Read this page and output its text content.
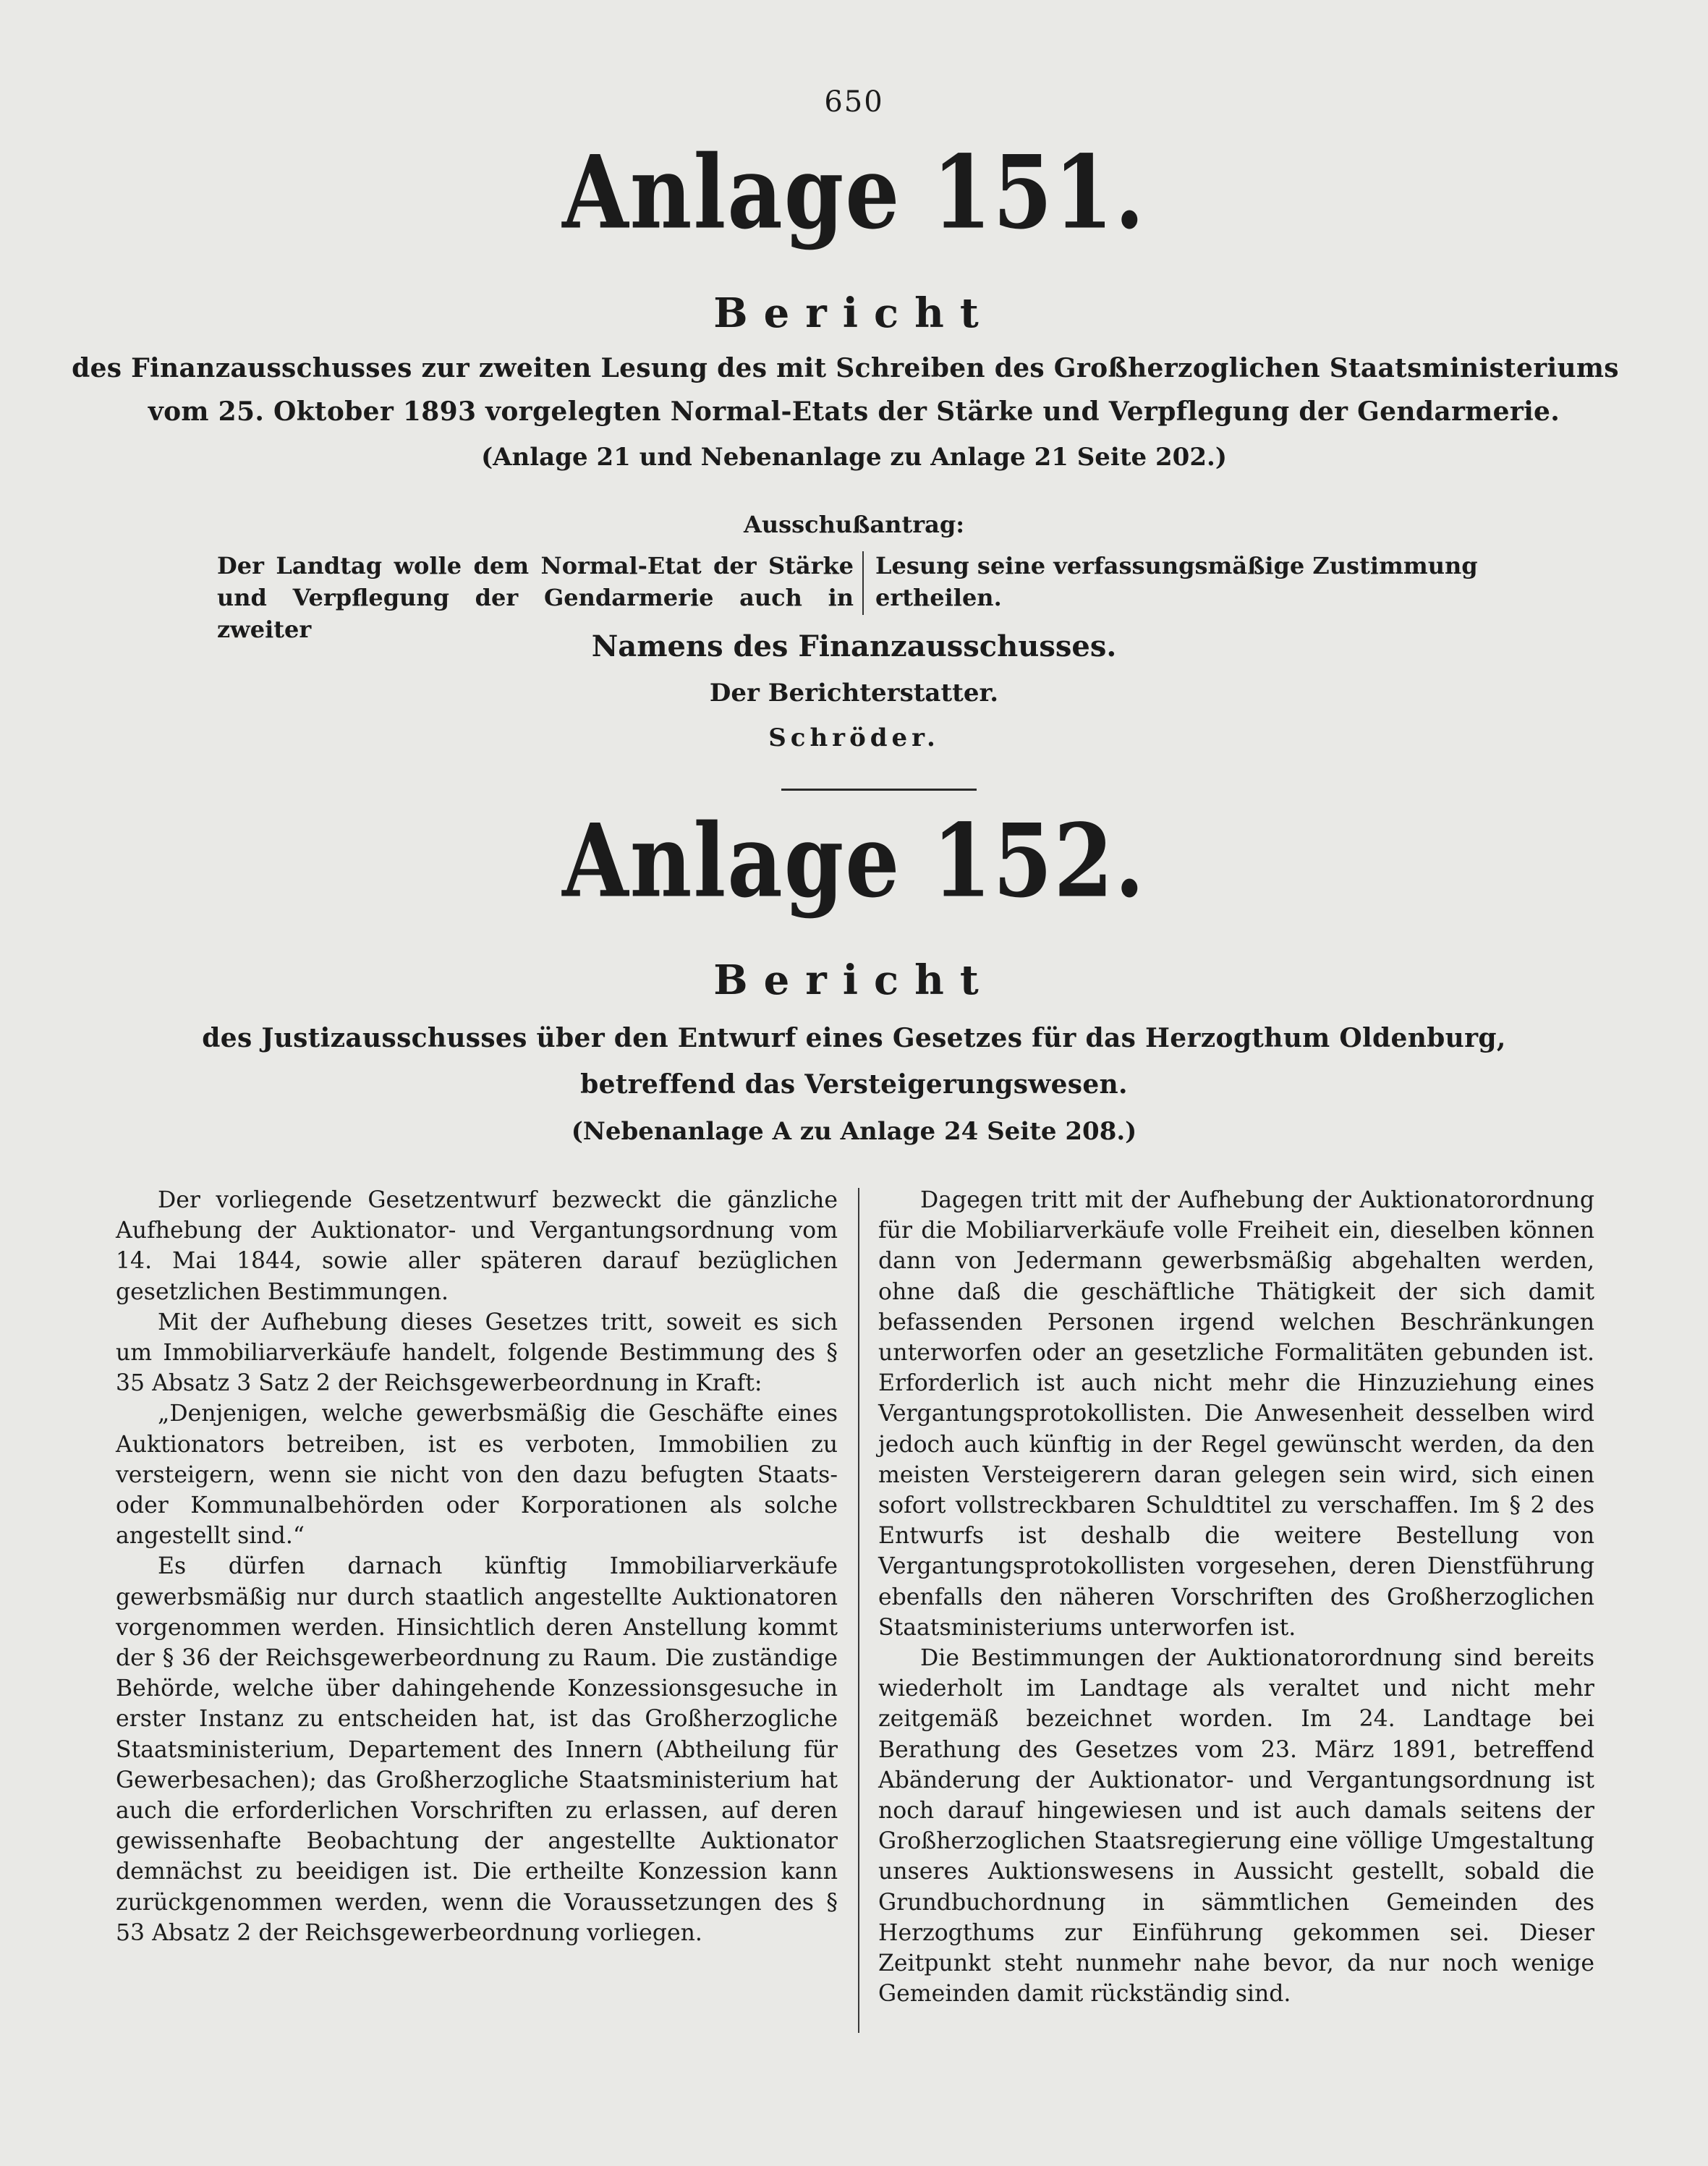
650
Anlage 151.
Bericht
des Finanzausschusses zur zweiten Lesung des mit Schreiben des Großherzoglichen Staatsministeriums
vom 25. Oktober 1893 vorgelegten Normal-Etats der Stärke und Verpflegung der Gendarmerie.
(Anlage 21 und Nebenanlage zu Anlage 21 Seite 202.)
Ausschußantrag:
Der Landtag wolle dem Normal-Etat der Stärke und Verpflegung der Gendarmerie auch in zweiter
Lesung seine verfassungsmäßige Zustimmung ertheilen.
Namens des Finanzausschusses.
Der Berichterstatter.
Schröder.
Anlage 152.
Bericht
des Justizausschusses über den Entwurf eines Gesetzes für das Herzogthum Oldenburg,
betreffend das Versteigerungswesen.
(Nebenanlage A zu Anlage 24 Seite 208.)

Der vorliegende Gesetzentwurf bezweckt die gänzliche Aufhebung der Auktionator- und Vergantungsordnung vom 14. Mai 1844, sowie aller späteren darauf bezüglichen gesetzlichen Bestimmungen.

Mit der Aufhebung dieses Gesetzes tritt, soweit es sich um Immobiliarverkäufe handelt, folgende Bestimmung des § 35 Absatz 3 Satz 2 der Reichsgewerbeordnung in Kraft:

„Denjenigen, welche gewerbsmäßig die Geschäfte eines Auktionators betreiben, ist es verboten, Immobilien zu versteigern, wenn sie nicht von den dazu befugten Staats- oder Kommunalbehörden oder Korporationen als solche angestellt sind.“

Es dürfen darnach künftig Immobiliarverkäufe gewerbsmäßig nur durch staatlich angestellte Auktionatoren vorgenommen werden. Hinsichtlich deren Anstellung kommt der § 36 der Reichsgewerbeordnung zu Raum. Die zuständige Behörde, welche über dahingehende Konzessionsgesuche in erster Instanz zu entscheiden hat, ist das Großherzogliche Staatsministerium, Departement des Innern (Abtheilung für Gewerbesachen); das Großherzogliche Staatsministerium hat auch die erforderlichen Vorschriften zu erlassen, auf deren gewissenhafte Beobachtung der angestellte Auktionator demnächst zu beeidigen ist. Die ertheilte Konzession kann zurückgenommen werden, wenn die Voraussetzungen des § 53 Absatz 2 der Reichsgewerbeordnung vorliegen.

Dagegen tritt mit der Aufhebung der Auktionatorordnung für die Mobiliarverkäufe volle Freiheit ein, dieselben können dann von Jedermann gewerbsmäßig abgehalten werden, ohne daß die geschäftliche Thätigkeit der sich damit befassenden Personen irgend welchen Beschränkungen unterworfen oder an gesetzliche Formalitäten gebunden ist. Erforderlich ist auch nicht mehr die Hinzuziehung eines Vergantungsprotokollisten. Die Anwesenheit desselben wird jedoch auch künftig in der Regel gewünscht werden, da den meisten Versteigerern daran gelegen sein wird, sich einen sofort vollstreckbaren Schuldtitel zu verschaffen. Im § 2 des Entwurfs ist deshalb die weitere Bestellung von Vergantungsprotokollisten vorgesehen, deren Dienstführung ebenfalls den näheren Vorschriften des Großherzoglichen Staatsministeriums unterworfen ist.

Die Bestimmungen der Auktionatorordnung sind bereits wiederholt im Landtage als veraltet und nicht mehr zeitgemäß bezeichnet worden. Im 24. Landtage bei Berathung des Gesetzes vom 23. März 1891, betreffend Abänderung der Auktionator- und Vergantungsordnung ist noch darauf hingewiesen und ist auch damals seitens der Großherzoglichen Staatsregierung eine völlige Umgestaltung unseres Auktionswesens in Aussicht gestellt, sobald die Grundbuchordnung in sämmtlichen Gemeinden des Herzogthums zur Einführung gekommen sei. Dieser Zeitpunkt steht nunmehr nahe bevor, da nur noch wenige Gemeinden damit rückständig sind.
